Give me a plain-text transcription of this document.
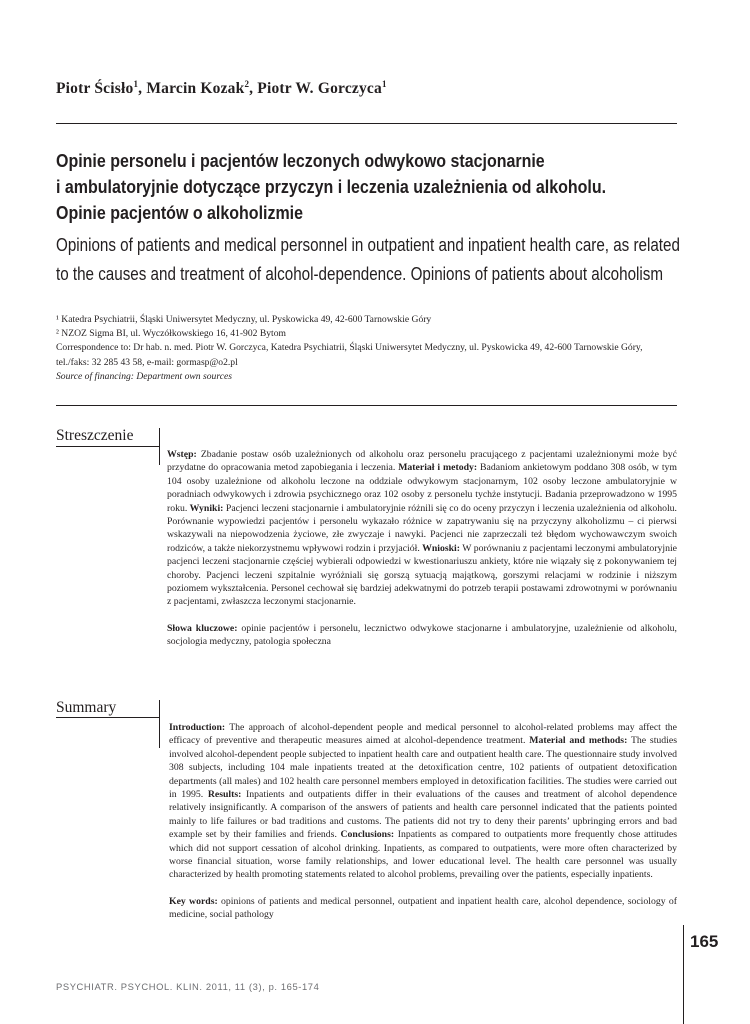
Piotr Ścisło$^1$, Marcin Kozak$^2$, Piotr W. Gorczyca$^1$
Opinie personelu i pacjentów leczonych odwykowo stacjonarnie
i ambulatoryjnie dotyczące przyczyn i leczenia uzależnienia od alkoholu.
Opinie pacjentów o alkoholizmie
Opinions of patients and medical personnel in outpatient and inpatient health care, as related
to the causes and treatment of alcohol-dependence. Opinions of patients about alcoholism
¹ Katedra Psychiatrii, Śląski Uniwersytet Medyczny, ul. Pyskowicka 49, 42-600 Tarnowskie Góry
² NZOZ Sigma BI, ul. Wyczółkowskiego 16, 41-902 Bytom
Correspondence to: Dr hab. n. med. Piotr W. Gorczyca, Katedra Psychiatrii, Śląski Uniwersytet Medyczny, ul. Pyskowicka 49, 42-600 Tarnowskie Góry,
tel./faks: 32 285 43 58, e-mail: gormasp@o2.pl
Source of financing: Department own sources
Streszczenie

Wstęp: Zbadanie postaw osób uzależnionych od alkoholu oraz personelu pracującego z pacjentami uzależnionymi może być przydatne do opracowania metod zapobiegania i leczenia. Materiał i metody: Badaniom ankietowym poddano 308 osób, w tym 104 osoby uzależnione od alkoholu leczone na oddziale odwykowym stacjonarnym, 102 osoby leczone ambulatoryjnie w poradniach odwykowych i zdrowia psychicznego oraz 102 osoby z personelu tychże instytucji. Badania przeprowadzono w 1995 roku. Wyniki: Pacjenci leczeni stacjonarnie i ambulatoryjnie różnili się co do oceny przyczyn i leczenia uzależnienia od alkoholu. Porównanie wypowiedzi pacjentów i personelu wykazało różnice w zapatrywaniu się na przyczyny alkoholizmu – ci pierwsi wskazywali na niepowodzenia życiowe, złe zwyczaje i nawyki. Pacjenci nie zaprzeczali też błędom wychowawczym swoich rodziców, a także niekorzystnemu wpływowi rodzin i przyjaciół. Wnioski: W porównaniu z pacjentami leczonymi ambulatoryjnie pacjenci leczeni stacjonarnie częściej wybierali odpowiedzi w kwestionariuszu ankiety, które nie wiązały się z pokonywaniem tej choroby. Pacjenci leczeni szpitalnie wyróżniali się gorszą sytuacją majątkową, gorszymi relacjami w rodzinie i niższym poziomem wykształcenia. Personel cechował się bardziej adekwatnymi do potrzeb terapii postawami zdrowotnymi w porównaniu z pacjentami, zwłaszcza leczonymi stacjonarnie.

Słowa kluczowe: opinie pacjentów i personelu, lecznictwo odwykowe stacjonarne i ambulatoryjne, uzależnienie od alkoholu, socjologia medyczny, patologia społeczna

Summary

Introduction: The approach of alcohol-dependent people and medical personnel to alcohol-related problems may affect the efficacy of preventive and therapeutic measures aimed at alcohol-dependence treatment. Material and methods: The studies involved alcohol-dependent people subjected to inpatient health care and outpatient health care. The questionnaire study involved 308 subjects, including 104 male inpatients treated at the detoxification centre, 102 patients of outpatient detoxification departments (all males) and 102 health care personnel members employed in detoxification facilities. The studies were carried out in 1995. Results: Inpatients and outpatients differ in their evaluations of the causes and treatment of alcohol dependence relatively insignificantly. A comparison of the answers of patients and health care personnel indicated that the patients pointed mainly to life failures or bad traditions and customs. The patients did not try to deny their parents’ upbringing errors and bad example set by their families and friends. Conclusions: Inpatients as compared to outpatients more frequently chose attitudes which did not support cessation of alcohol drinking. Inpatients, as compared to outpatients, were more often characterized by worse financial situation, worse family relationships, and lower educational level. The health care personnel was usually characterized by health promoting statements related to alcohol problems, prevailing over the patients, especially inpatients.

Key words: opinions of patients and medical personnel, outpatient and inpatient health care, alcohol dependence, sociology of medicine, social pathology

165
PSYCHIATR. PSYCHOL. KLIN. 2011, 11 (3), p. 165-174
